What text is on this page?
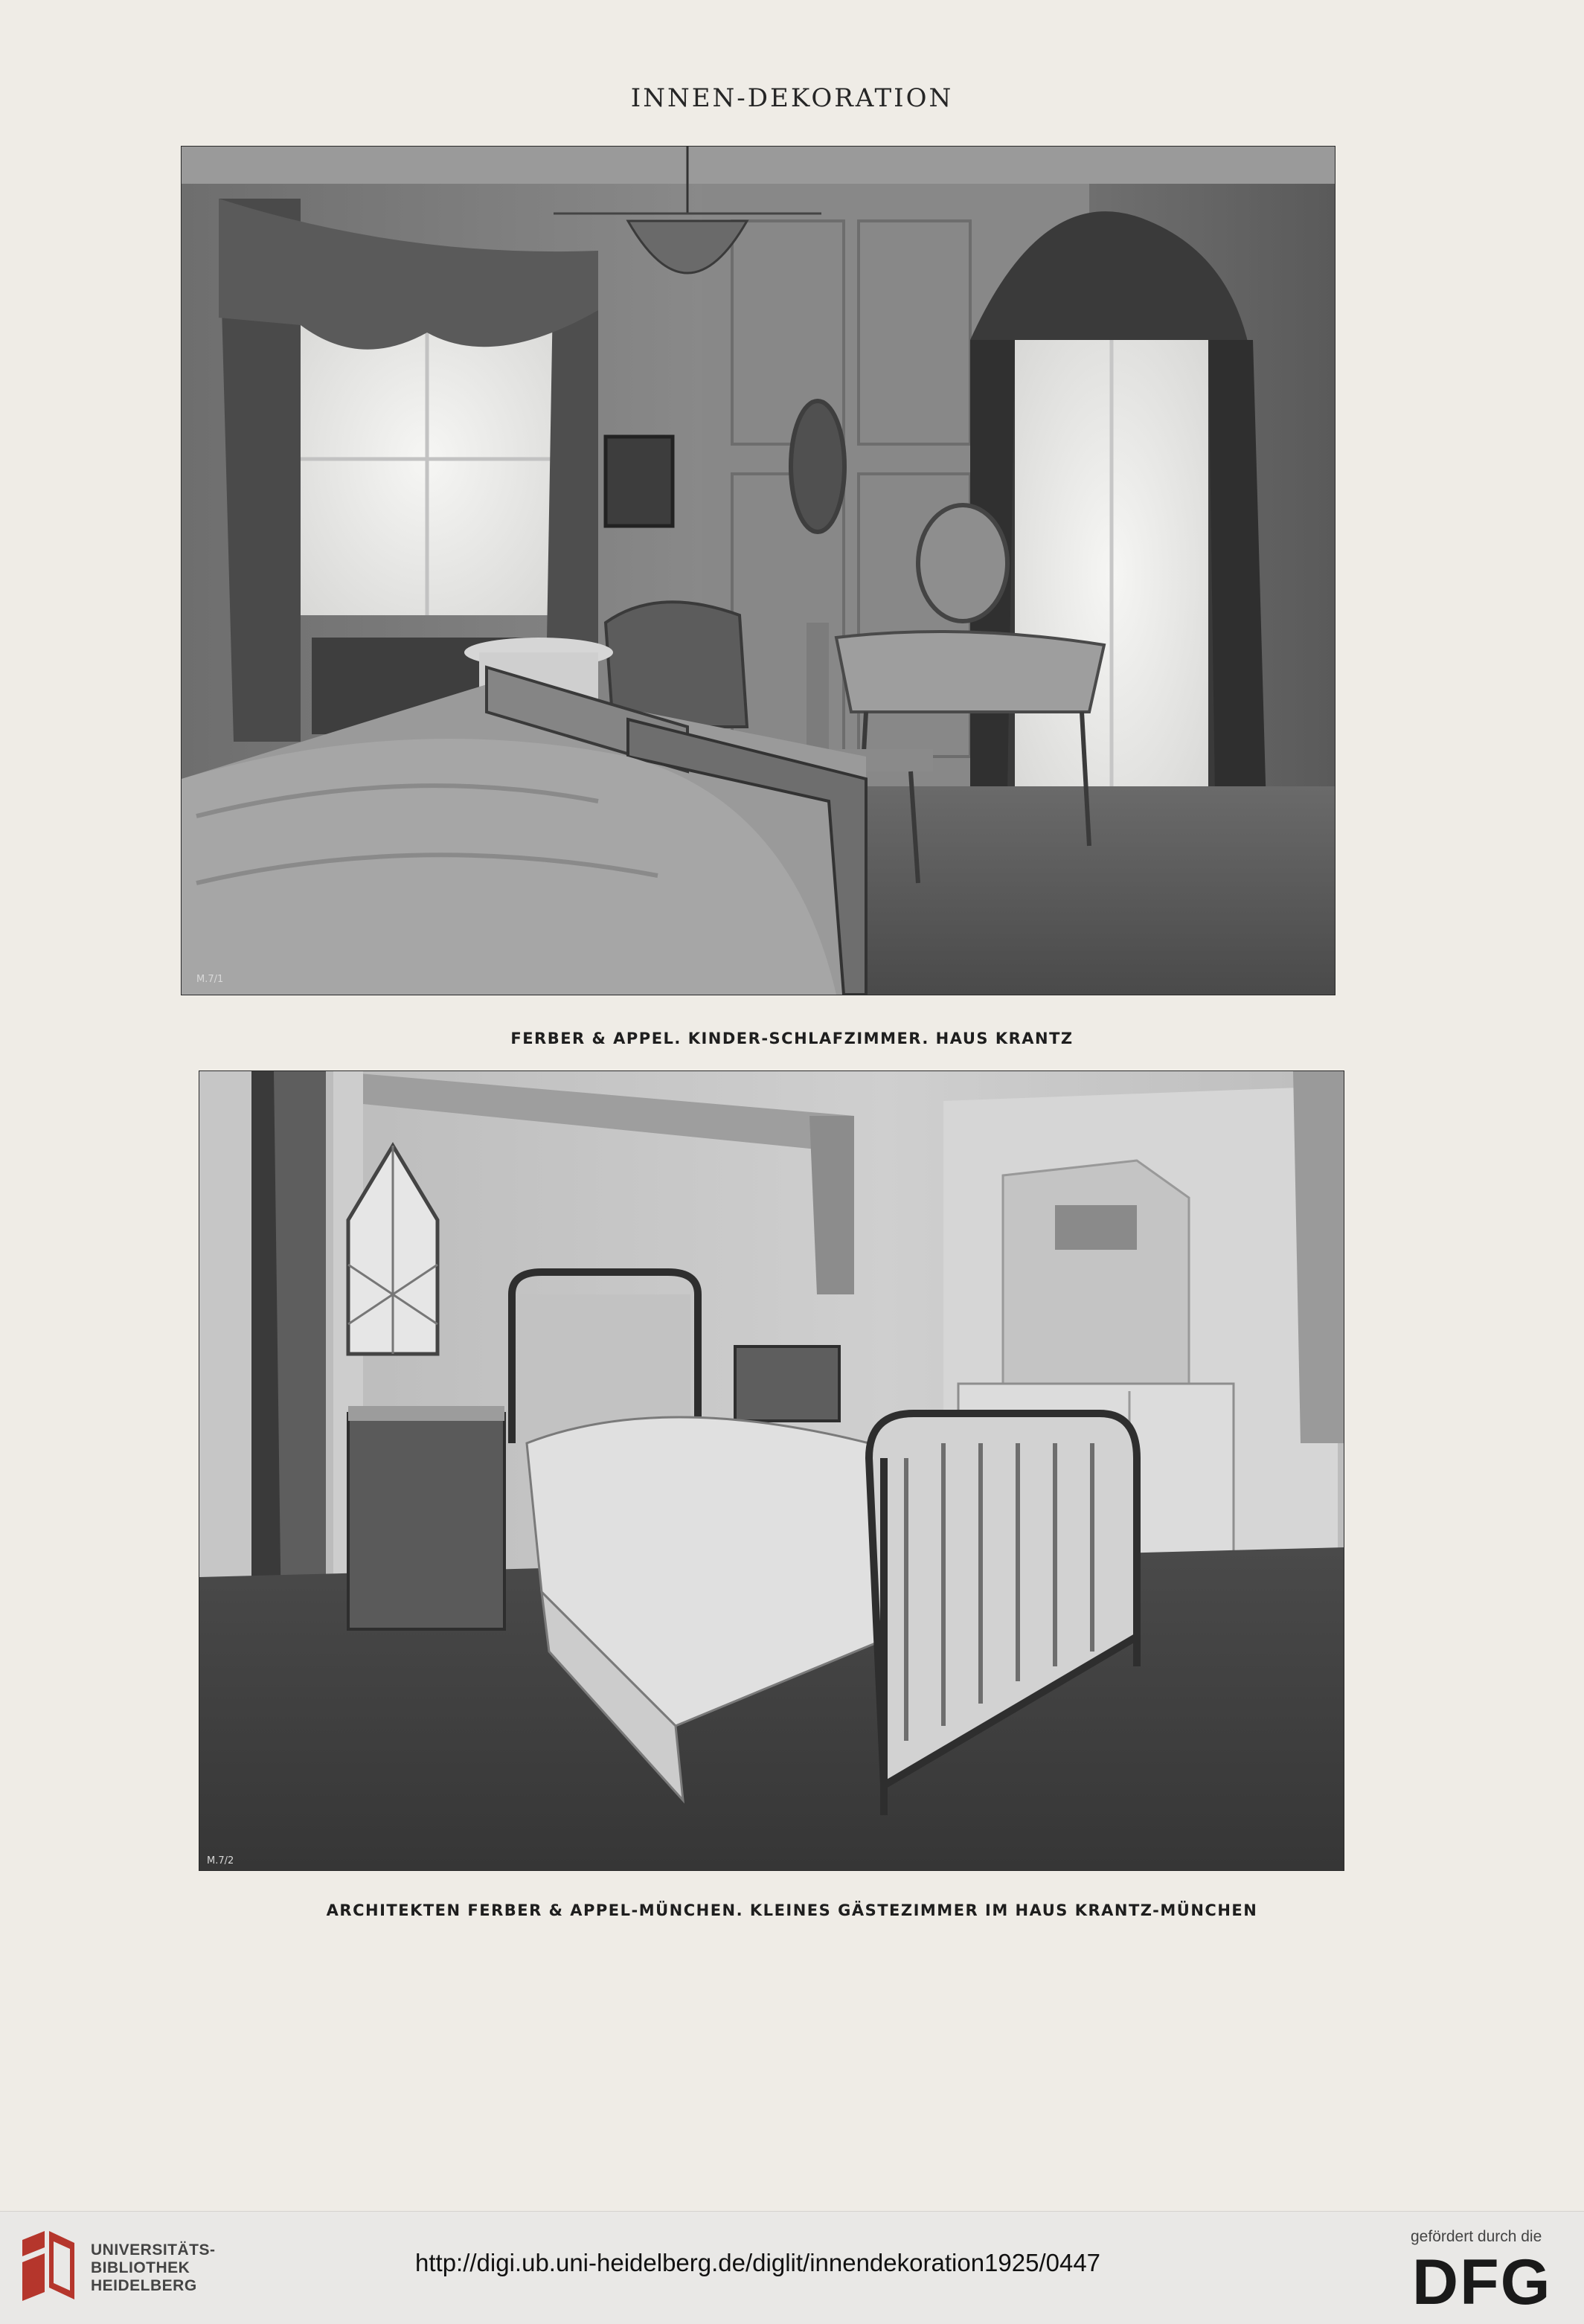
INNEN-DEKORATION
M.7/1
FERBER & APPEL. KINDER-SCHLAFZIMMER. HAUS KRANTZ
M.7/2
ARCHITEKTEN FERBER & APPEL-MÜNCHEN. KLEINES GÄSTEZIMMER IM HAUS KRANTZ-MÜNCHEN
UNIVERSITÄTS-
BIBLIOTHEK
HEIDELBERG
http://digi.ub.uni-heidelberg.de/diglit/innendekoration1925/0447
gefördert durch die
DFG
